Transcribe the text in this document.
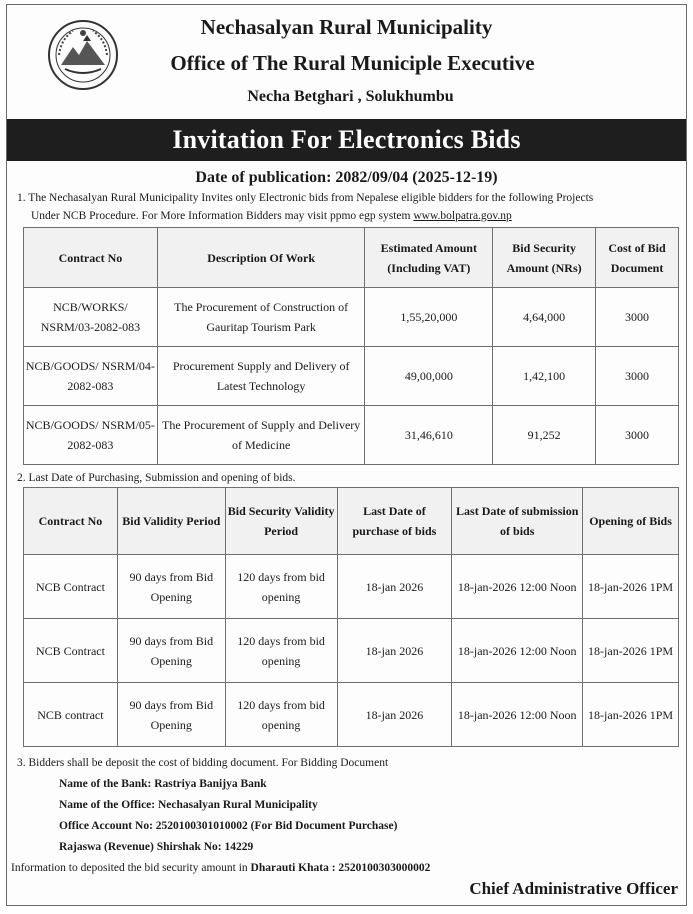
Nechasalyan Rural Municipality
Office of The Rural Municiple Executive
Necha Betghari , Solukhumbu
Invitation For Electronics Bids
Date of publication: 2082/09/04 (2025-12-19)
1. The Nechasalyan Rural Municipality Invites only Electronic bids from Nepalese eligible bidders for the following Projects
Under NCB Procedure. For More Information Bidders may visit ppmo egp system www.bolpatra.gov.np
Contract No	Description Of Work	Estimated Amount (Including VAT)	Bid Security Amount (NRs)	Cost of Bid Document
NCB/WORKS/ NSRM/03-2082-083	The Procurement of Construction of Gauritap Tourism Park	1,55,20,000	4,64,000	3000
NCB/GOODS/ NSRM/04-2082-083	Procurement Supply and Delivery of Latest Technology	49,00,000	1,42,100	3000
NCB/GOODS/ NSRM/05-2082-083	The Procurement of Supply and Delivery of Medicine	31,46,610	91,252	3000
2. Last Date of Purchasing, Submission and opening of bids.
Contract No	Bid Validity Period	Bid Security Validity Period	Last Date of purchase of bids	Last Date of submission of bids	Opening of Bids
NCB Contract	90 days from Bid Opening	120 days from bid opening	18-jan 2026	18-jan-2026 12:00 Noon	18-jan-2026 1PM
NCB Contract	90 days from Bid Opening	120 days from bid opening	18-jan 2026	18-jan-2026 12:00 Noon	18-jan-2026 1PM
NCB contract	90 days from Bid Opening	120 days from bid opening	18-jan 2026	18-jan-2026 12:00 Noon	18-jan-2026 1PM
3. Bidders shall be deposit the cost of bidding document. For Bidding Document
Name of the Bank: Rastriya Banijya Bank
Name of the Office: Nechasalyan Rural Municipality
Office Account No: 2520100301010002 (For Bid Document Purchase)
Rajaswa (Revenue) Shirshak No: 14229
Information to deposited the bid security amount in Dharauti Khata : 2520100303000002
Chief Administrative Officer
